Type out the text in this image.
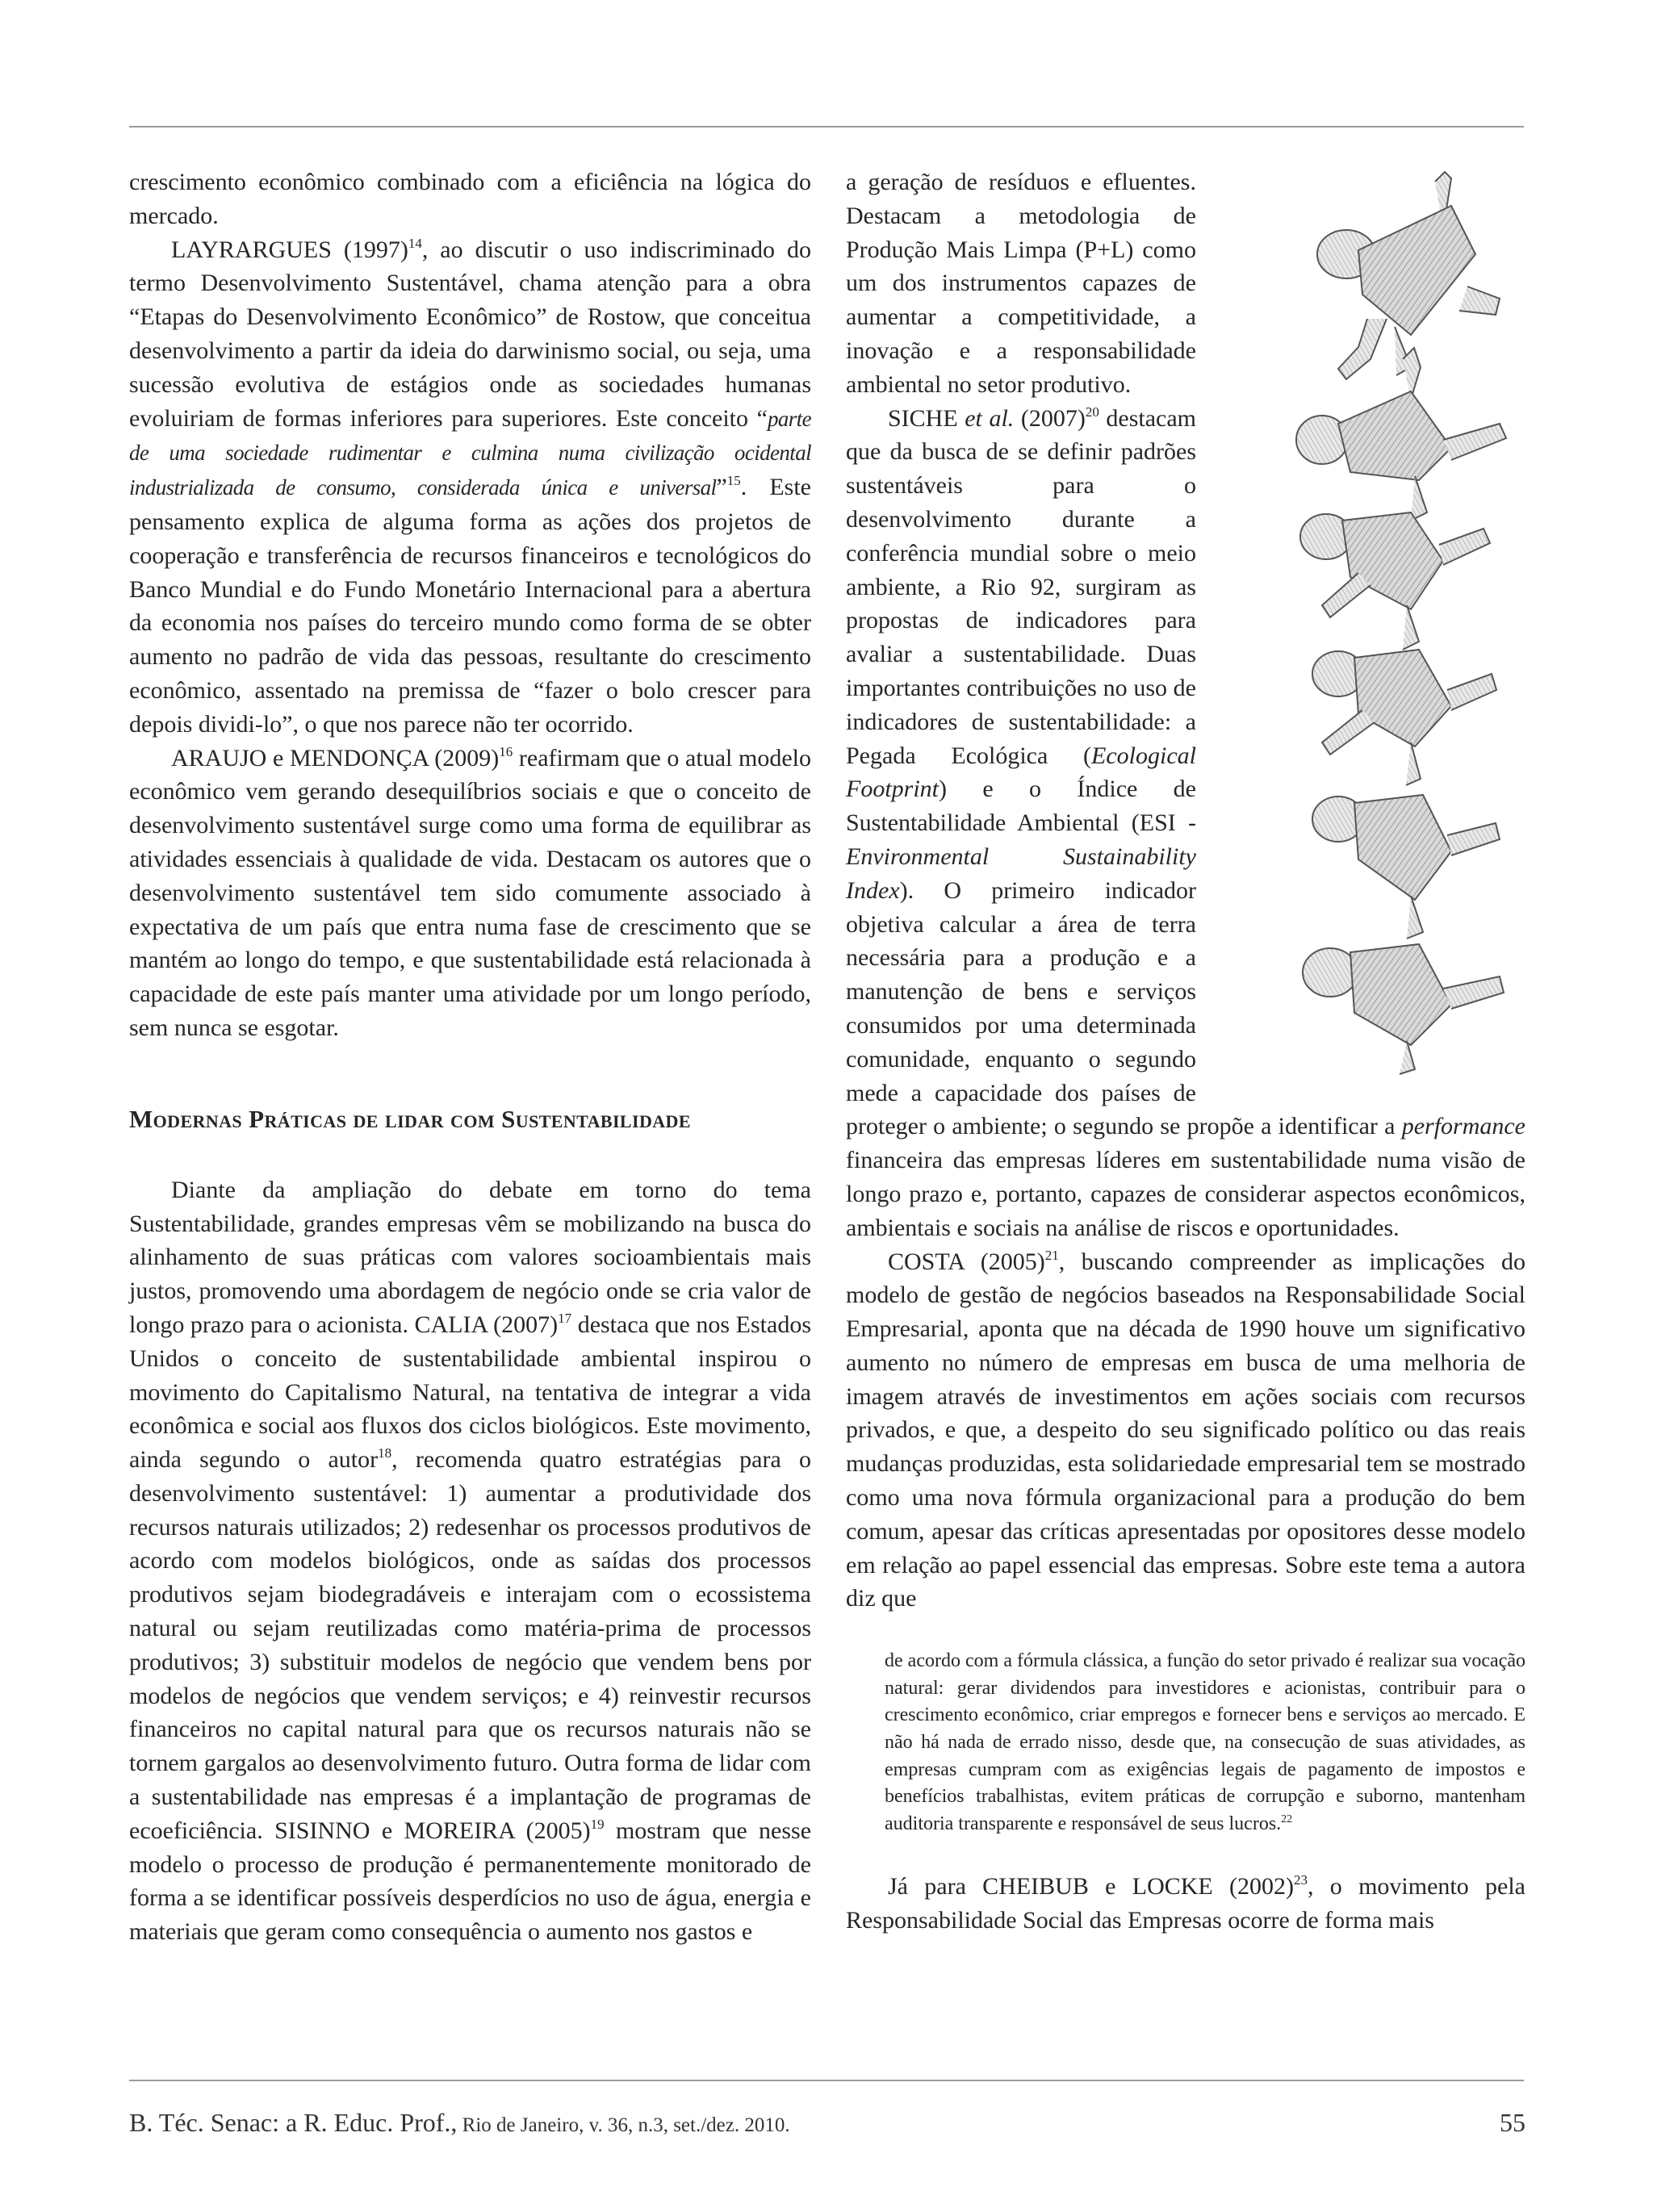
crescimento econômico combinado com a eficiência na lógica do mercado.

LAYRARGUES $(1997)^{14}$, ao discutir o uso indiscriminado do termo Desenvolvimento Sustentável, chama atenção para a obra “Etapas do Desenvolvimento Econômico” de Rostow, que conceitua desenvolvimento a partir da ideia do darwinismo social, ou seja, uma sucessão evolutiva de estágios onde as sociedades humanas evoluiriam de formas inferiores para superiores. Este conceito “parte de uma sociedade rudimentar e culmina numa civilização ocidental industrializada de consumo, considerada única e universal”$^{15}$. Este pensamento explica de alguma forma as ações dos projetos de cooperação e transferência de recursos financeiros e tecnológicos do Banco Mundial e do Fundo Monetário Internacional para a abertura da economia nos países do terceiro mundo como forma de se obter aumento no padrão de vida das pessoas, resultante do crescimento econômico, assentado na premissa de “fazer o bolo crescer para depois dividi-lo”, o que nos parece não ter ocorrido.

ARAUJO e MENDONÇA $(2009)^{16}$ reafirmam que o atual modelo econômico vem gerando desequilíbrios sociais e que o conceito de desenvolvimento sustentável surge como uma forma de equilibrar as atividades essenciais à qualidade de vida. Destacam os autores que o desenvolvimento sustentável tem sido comumente associado à expectativa de um país que entra numa fase de crescimento que se mantém ao longo do tempo, e que sustentabilidade está relacionada à capacidade de este país manter uma atividade por um longo período, sem nunca se esgotar.

Modernas Práticas de lidar com Sustentabilidade

Diante da ampliação do debate em torno do tema Sustentabilidade, grandes empresas vêm se mobilizando na busca do alinhamento de suas práticas com valores socioambientais mais justos, promovendo uma abordagem de negócio onde se cria valor de longo prazo para o acionista. CALIA $(2007)^{17}$ destaca que nos Estados Unidos o conceito de sustentabilidade ambiental inspirou o movimento do Capitalismo Natural, na tentativa de integrar a vida econômica e social aos fluxos dos ciclos biológicos. Este movimento, ainda segundo o autor$^{18}$, recomenda quatro estratégias para o desenvolvimento sustentável: 1) aumentar a produtividade dos recursos naturais utilizados; 2) redesenhar os processos produtivos de acordo com modelos biológicos, onde as saídas dos processos produtivos sejam biodegradáveis e interajam com o ecossistema natural ou sejam reutilizadas como matéria-prima de processos produtivos; 3) substituir modelos de negócio que vendem bens por modelos de negócios que vendem serviços; e 4) reinvestir recursos financeiros no capital natural para que os recursos naturais não se tornem gargalos ao desenvolvimento futuro. Outra forma de lidar com a sustentabilidade nas empresas é a implantação de programas de ecoeficiência. SISINNO e MOREIRA $(2005)^{19}$ mostram que nesse modelo o processo de produção é permanentemente monitorado de forma a se identificar possíveis desperdícios no uso de água, energia e materiais que geram como consequência o aumento nos gastos e

a geração de resíduos e efluentes. Destacam a metodologia de Produção Mais Limpa (P+L) como um dos instrumentos capazes de aumentar a competitividade, a inovação e a responsabilidade ambiental no setor produtivo.

SICHE et al. $(2007)^{20}$ destacam que da busca de se definir padrões sustentáveis para o desenvolvimento durante a conferência mundial sobre o meio ambiente, a Rio 92, surgiram as propostas de indicadores para avaliar a sustentabilidade. Duas importantes contribuições no uso de indicadores de sustentabilidade: a Pegada Ecológica (Ecological Footprint) e o Índice de Sustentabilidade Ambiental (ESI - Environmental Sustainability Index). O primeiro indicador objetiva calcular a área de terra necessária para a produção e a manutenção de bens e serviços consumidos por uma determinada comunidade, enquanto o segundo mede a capacidade dos países de proteger o ambiente; o segundo se propõe a identificar a performance financeira das empresas líderes em sustentabilidade numa visão de longo prazo e, portanto, capazes de considerar aspectos econômicos, ambientais e sociais na análise de riscos e oportunidades.

COSTA $(2005)^{21}$, buscando compreender as implicações do modelo de gestão de negócios baseados na Responsabilidade Social Empresarial, aponta que na década de 1990 houve um significativo aumento no número de empresas em busca de uma melhoria de imagem através de investimentos em ações sociais com recursos privados, e que, a despeito do seu significado político ou das reais mudanças produzidas, esta solidariedade empresarial tem se mostrado como uma nova fórmula organizacional para a produção do bem comum, apesar das críticas apresentadas por opositores desse modelo em relação ao papel essencial das empresas. Sobre este tema a autora diz que

de acordo com a fórmula clássica, a função do setor privado é realizar sua vocação natural: gerar dividendos para investidores e acionistas, contribuir para o crescimento econômico, criar empregos e fornecer bens e serviços ao mercado. E não há nada de errado nisso, desde que, na consecução de suas atividades, as empresas cumpram com as exigências legais de pagamento de impostos e benefícios trabalhistas, evitem práticas de corrupção e suborno, mantenham auditoria transparente e responsável de seus lucros.$^{22}$

Já para CHEIBUB e LOCKE $(2002)^{23}$, o movimento pela Responsabilidade Social das Empresas ocorre de forma mais

B. Téc. Senac: a R. Educ. Prof., Rio de Janeiro, v. 36, n.3, set./dez. 2010.	55
